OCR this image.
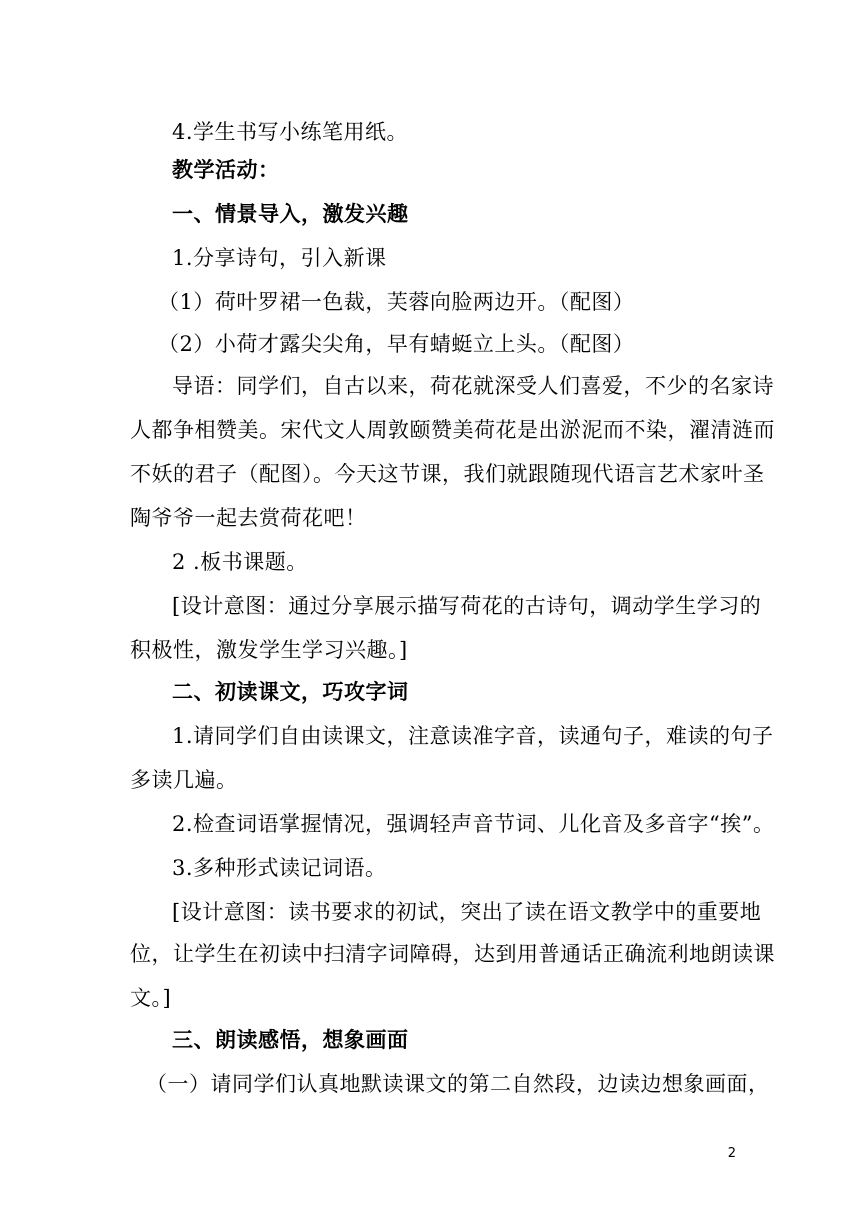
4.学生书写小练笔用纸。
教学活动：
一、情景导入，激发兴趣
1.分享诗句，引入新课
（1）荷叶罗裙一色裁，芙蓉向脸两边开。（配图）
（2）小荷才露尖尖角，早有蜻蜓立上头。（配图）
导语：同学们，自古以来，荷花就深受人们喜爱，不少的名家诗
人都争相赞美。宋代文人周敦颐赞美荷花是出淤泥而不染，濯清涟而
不妖的君子（配图）。今天这节课，我们就跟随现代语言艺术家叶圣
陶爷爷一起去赏荷花吧！
2 .板书课题。
[设计意图：通过分享展示描写荷花的古诗句，调动学生学习的
积极性，激发学生学习兴趣。]
二、初读课文，巧攻字词
1.请同学们自由读课文，注意读准字音，读通句子，难读的句子
多读几遍。
2.检查词语掌握情况，强调轻声音节词、儿化音及多音字“挨”。
3.多种形式读记词语。
[设计意图：读书要求的初试，突出了读在语文教学中的重要地
位，让学生在初读中扫清字词障碍，达到用普通话正确流利地朗读课
文。]
三、朗读感悟，想象画面
（一）请同学们认真地默读课文的第二自然段，边读边想象画面，
2
